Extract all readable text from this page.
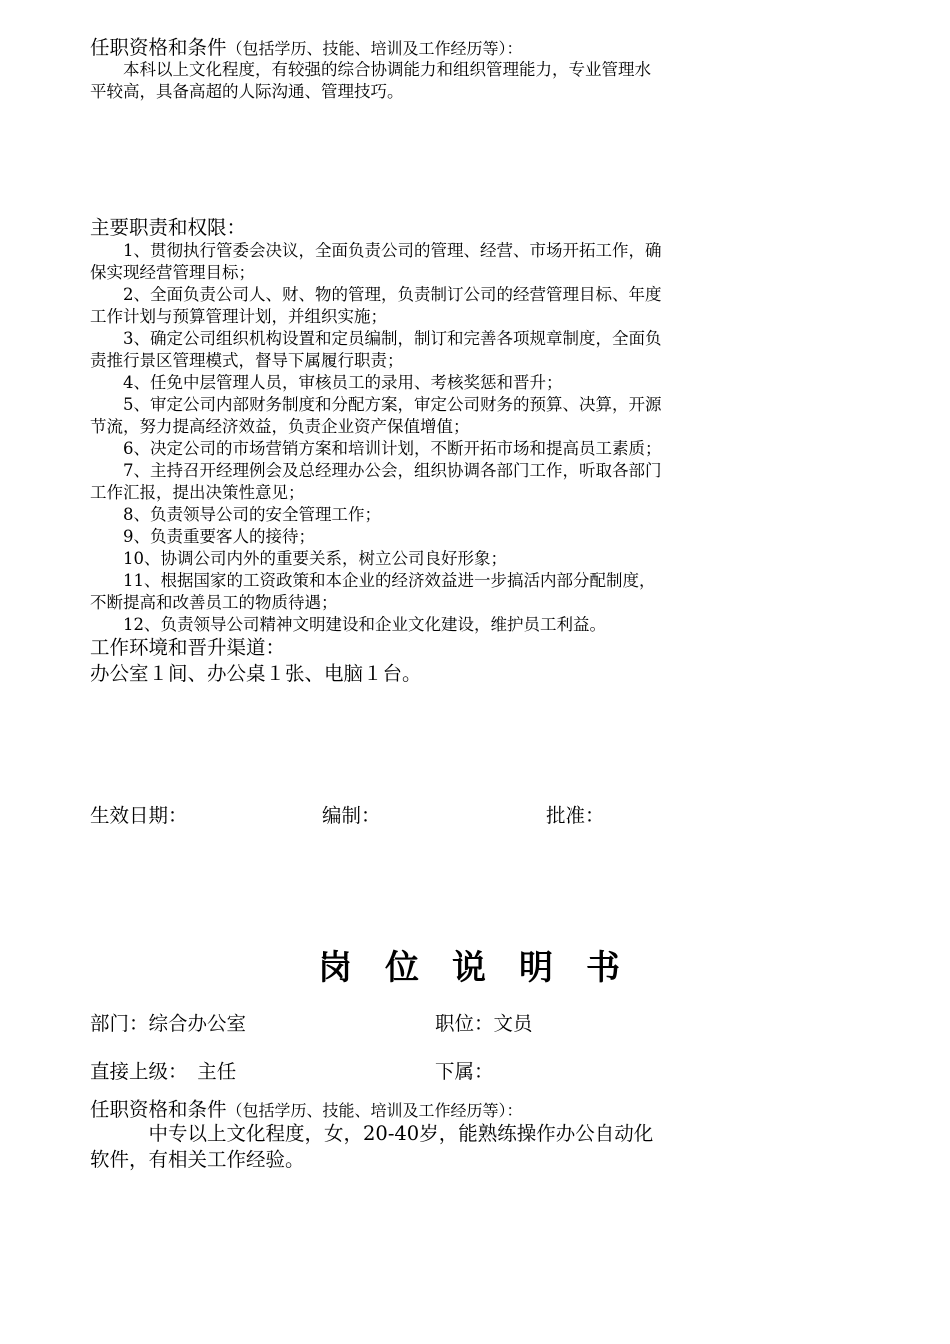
任职资格和条件（包括学历、技能、培训及工作经历等）：
　　本科以上文化程度，有较强的综合协调能力和组织管理能力，专业管理水
平较高，具备高超的人际沟通、管理技巧。
主要职责和权限：
　　1、贯彻执行管委会决议，全面负责公司的管理、经营、市场开拓工作，确
保实现经营管理目标；
　　2、全面负责公司人、财、物的管理，负责制订公司的经营管理目标、年度
工作计划与预算管理计划，并组织实施；
　　3、确定公司组织机构设置和定员编制，制订和完善各项规章制度，全面负
责推行景区管理模式，督导下属履行职责；
　　4、任免中层管理人员，审核员工的录用、考核奖惩和晋升；
　　5、审定公司内部财务制度和分配方案，审定公司财务的预算、决算，开源
节流，努力提高经济效益，负责企业资产保值增值；
　　6、决定公司的市场营销方案和培训计划，不断开拓市场和提高员工素质；
　　7、主持召开经理例会及总经理办公会，组织协调各部门工作，听取各部门
工作汇报，提出决策性意见；
　　8、负责领导公司的安全管理工作；
　　9、负责重要客人的接待；
　　10、协调公司内外的重要关系，树立公司良好形象；
　　11、根据国家的工资政策和本企业的经济效益进一步搞活内部分配制度，
不断提高和改善员工的物质待遇；
　　12、负责领导公司精神文明建设和企业文化建设，维护员工利益。
工作环境和晋升渠道：
办公室１间、办公桌１张、电脑１台。
生效日期：	编制：	批准：
岗位说明书
部门：综合办公室	职位：文员
直接上级：　主任	下属：
任职资格和条件（包括学历、技能、培训及工作经历等）：
　　　中专以上文化程度，女，20-40岁，能熟练操作办公自动化
软件，有相关工作经验。
